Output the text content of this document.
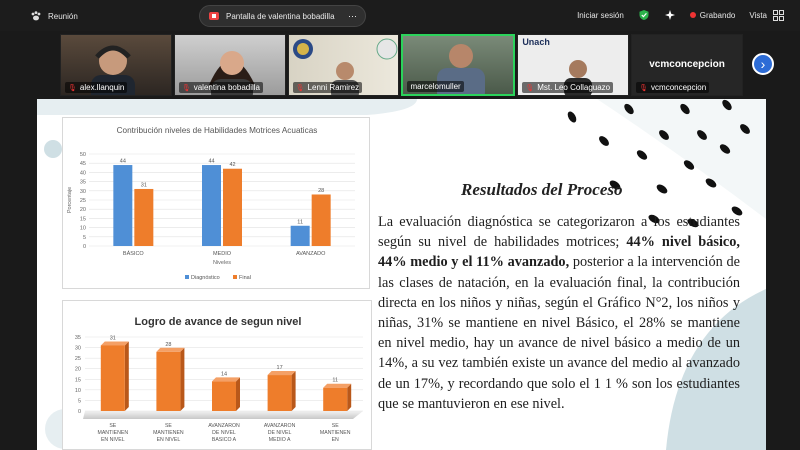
Reunión	Pantalla de valentina bobadilla ⋯	Iniciar sesión	Grabando Vista
🎙 alex.llanquin	🎙 valentina bobadilla	🎙 Lenni Ramirez	marcelomuller
Unach
🎙 Mst. Leo Collaguazo
vcmconcepcion
🎙 vcmconcepcion
›
Contribución niveles de Habilidades Motrices Acuaticas
0
5
10
15
20
25
30
35
40
45
50
Porcentaje
44
31
BÁSICO
44
42
MEDIO
11
28
AVANZADO
Niveles
Diagnóstico	Final
Logro de avance de segun nivel
0
5
10
15
20
25
30
35	31
SE
MANTIENEN
EN NIVEL
28
SE
MANTIENEN
EN NIVEL
14
AVANZARON
DE NIVEL
BASICO A
17
AVANZARON
DE NIVEL
MEDIO A
11
SE
MANTIENEN
EN
Resultados del Proceso
La evaluación diagnóstica se categorizaron a los estudiantes según su nivel de habilidades motrices; 44% nivel básico, 44% medio y el 11% avanzado, posterior a la intervención de las clases de natación, en la evaluación final, la contribución directa en los niños y niñas, según el Gráfico N°2, los niños y niñas, 31% se mantiene en nivel Básico, el 28% se mantiene en nivel medio, hay un avance de nivel básico a medio de un 14%, a su vez también existe un avance del medio al avanzado de un 17%, y recordando que solo el 1 1 % son los estudiantes que se mantuvieron en ese nivel.
